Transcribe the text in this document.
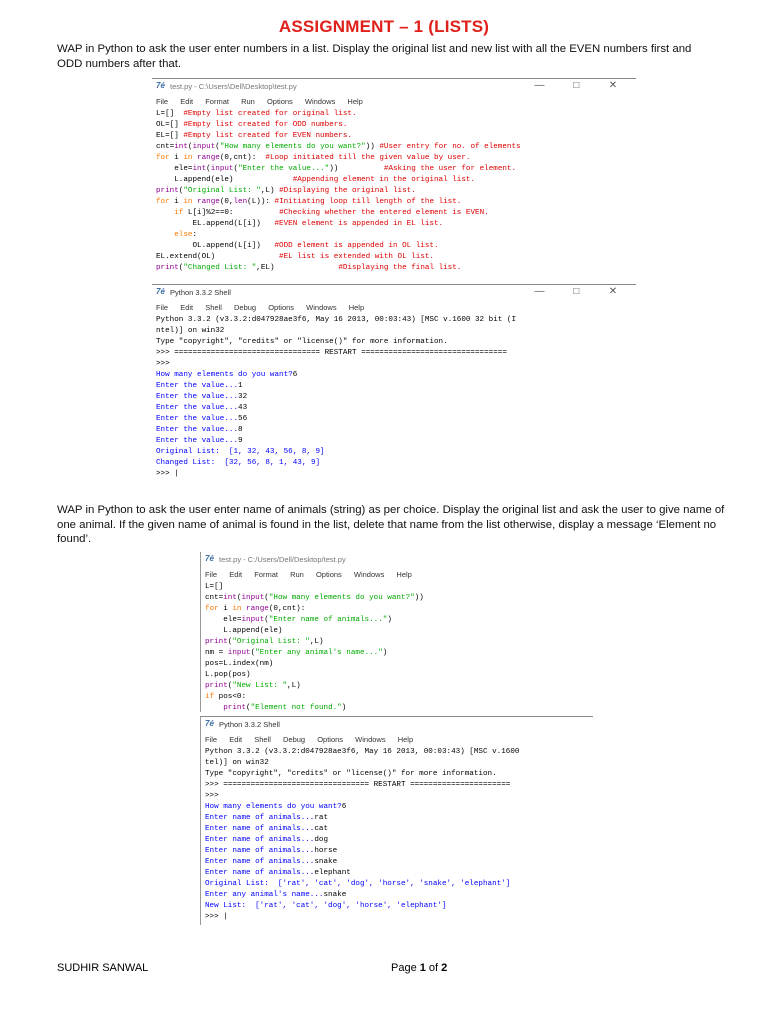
ASSIGNMENT – 1 (LISTS)
WAP in Python to ask the user enter numbers in a list. Display the original list and new list with all the EVEN numbers first and ODD numbers after that.
7é test.py - C:\Users\Dell\Desktop\test.py	—	□	✕
File Edit Format Run Options Windows Help
L=[]  #Empty list created for original list.
OL=[] #Empty list created for ODD numbers.
EL=[] #Empty list created for EVEN numbers.
cnt=int(input("How many elements do you want?")) #User entry for no. of elements
for i in range(0,cnt):  #Loop initiated till the given value by user.
ele=int(input("Enter the value..."))          #Asking the user for element.
L.append(ele)	#Appending element in the original list.
print("Original List: ",L) #Displaying the original list.
for i in range(0,len(L)): #Initiating loop till length of the list.
if L[i]%2==0:          #Checking whether the entered element is EVEN.
EL.append(L[i])   #EVEN element is appended in EL list.
else:
OL.append(L[i])   #ODD element is appended in OL list.
EL.extend(OL)	#EL list is extended with OL list.
print("Changed List: ",EL)              #Displaying the final list.
7é Python 3.3.2 Shell	—	□	✕
File Edit Shell Debug Options Windows Help
Python 3.3.2 (v3.3.2:d047928ae3f6, May 16 2013, 00:03:43) [MSC v.1600 32 bit (I
ntel)] on win32
Type "copyright", "credits" or "license()" for more information.
>>> ================================ RESTART ================================
>>>
How many elements do you want?6
Enter the value...1
Enter the value...32
Enter the value...43
Enter the value...56
Enter the value...8
Enter the value...9
Original List:  [1, 32, 43, 56, 8, 9]
Changed List:  [32, 56, 8, 1, 43, 9]
>>> |
WAP in Python to ask the user enter name of animals (string) as per choice. Display the original list and ask the user to give name of one animal. If the given name of animal is found in the list, delete that name from the list otherwise, display a message ‘Element no found’.
7é test.py - C:/Users/Dell/Desktop/test.py
File Edit Format Run Options Windows Help
L=[]
cnt=int(input("How many elements do you want?"))
for i in range(0,cnt):
ele=input("Enter name of animals...")
L.append(ele)
print("Original List: ",L)
nm = input("Enter any animal's name...")
pos=L.index(nm)
L.pop(pos)
print("New List: ",L)
if pos<0:
print("Element not found.")
7é Python 3.3.2 Shell
File Edit Shell Debug Options Windows Help
Python 3.3.2 (v3.3.2:d047928ae3f6, May 16 2013, 00:03:43) [MSC v.1600
tel)] on win32
Type "copyright", "credits" or "license()" for more information.
>>> ================================ RESTART ======================
>>>
How many elements do you want?6
Enter name of animals...rat
Enter name of animals...cat
Enter name of animals...dog
Enter name of animals...horse
Enter name of animals...snake
Enter name of animals...elephant
Original List:  ['rat', 'cat', 'dog', 'horse', 'snake', 'elephant']
Enter any animal's name...snake
New List:  ['rat', 'cat', 'dog', 'horse', 'elephant']
>>> |
SUDHIR SANWAL	Page 1 of 2
